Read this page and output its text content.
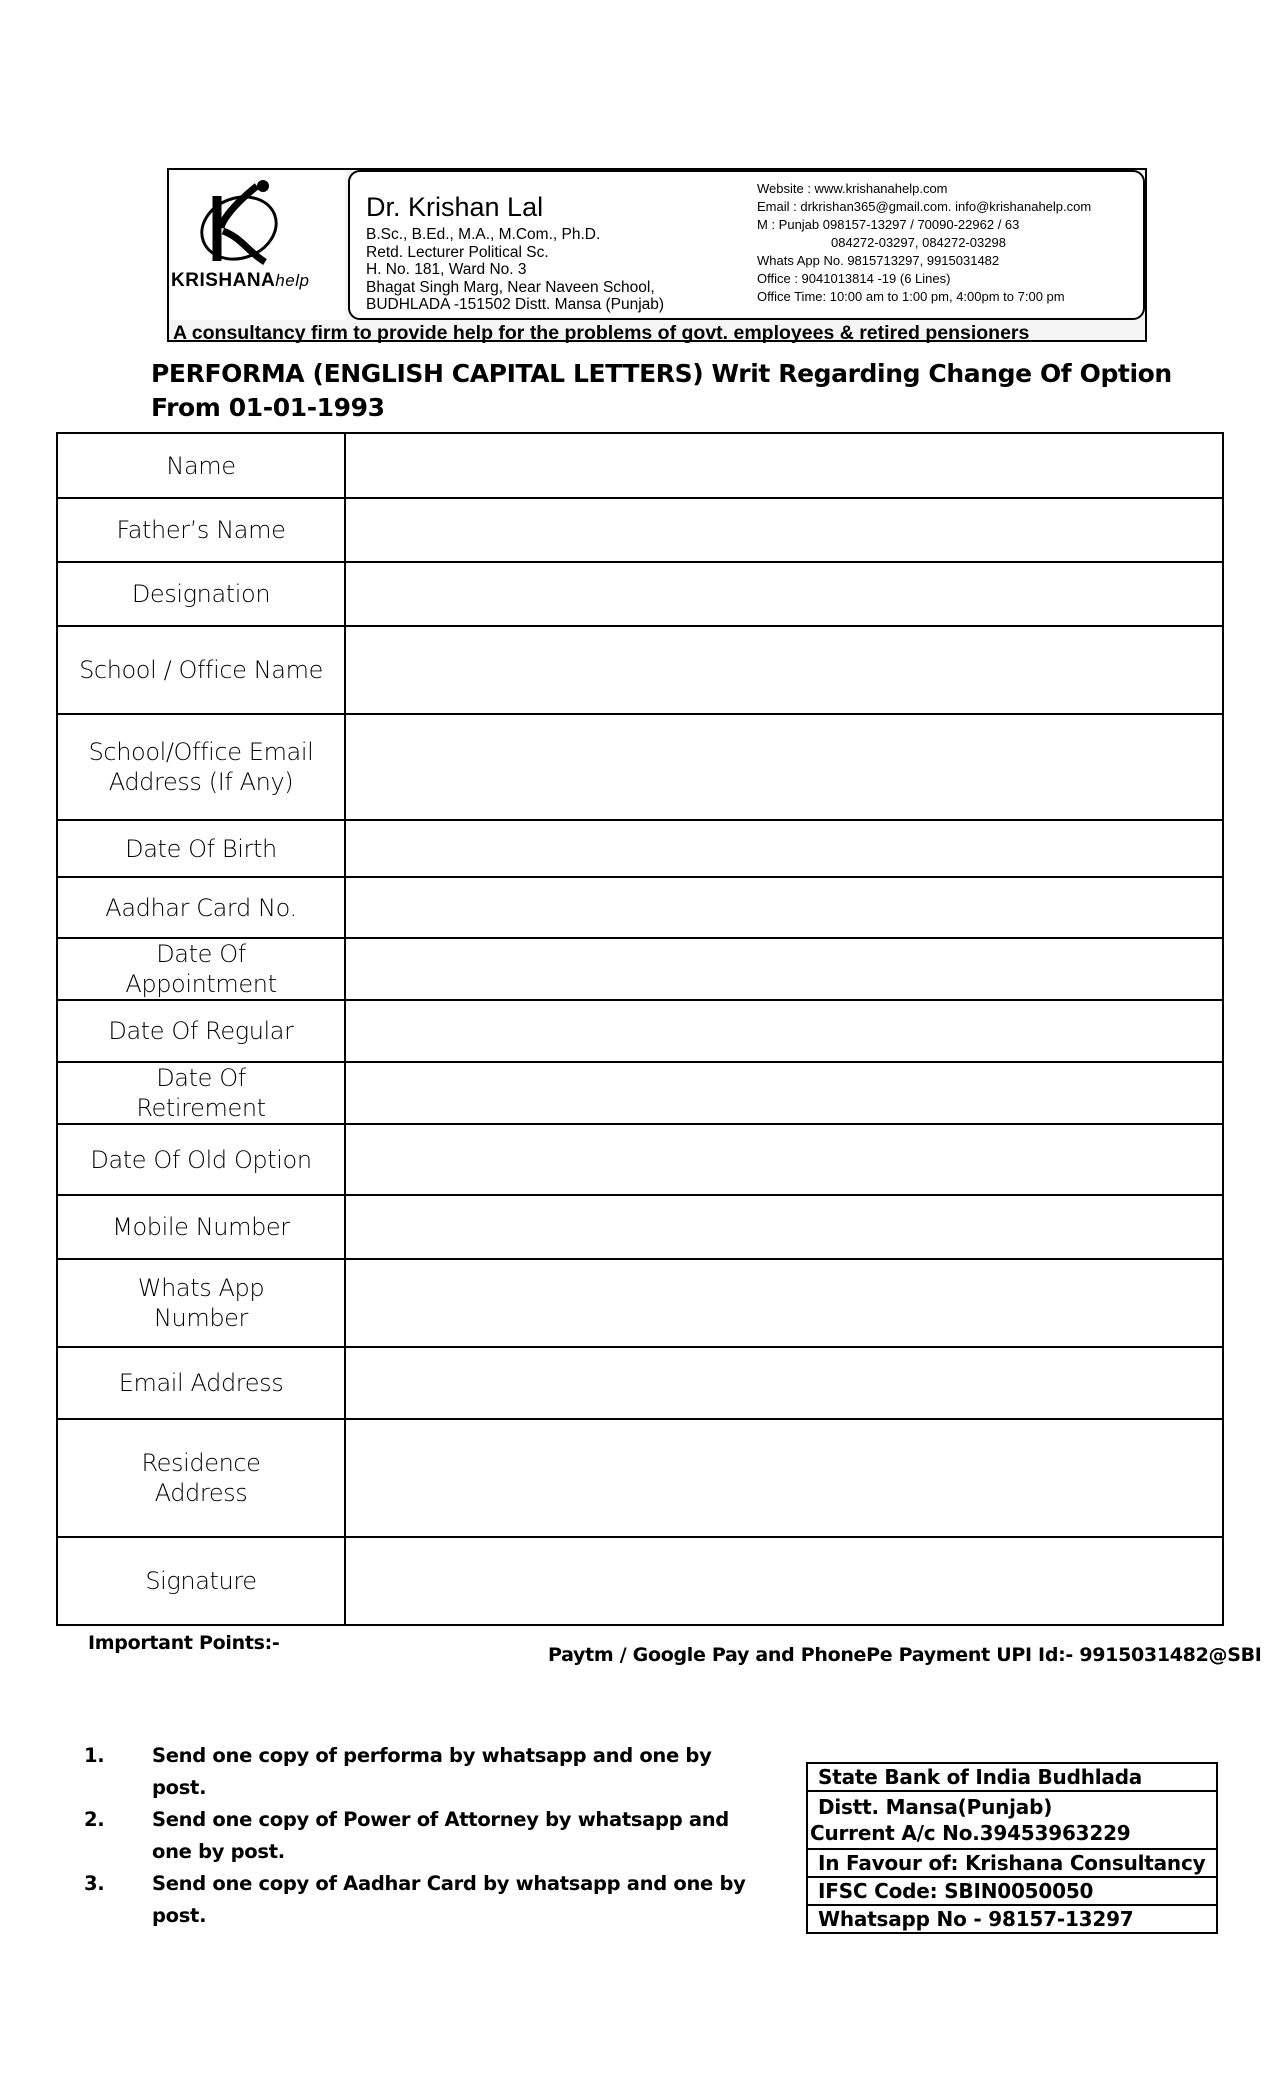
KRISHANAhelp
Dr. Krishan Lal
B.Sc., B.Ed., M.A., M.Com., Ph.D.
Retd. Lecturer Political Sc.
H. No. 181, Ward No. 3
Bhagat Singh Marg, Near Naveen School,
BUDHLADA -151502 Distt. Mansa (Punjab)
Website : www.krishanahelp.com
Email : drkrishan365@gmail.com. info@krishanahelp.com
M : Punjab 098157-13297 / 70090-22962 / 63
084272-03297, 084272-03298
Whats App No. 9815713297, 9915031482
Office : 9041013814 -19 (6 Lines)
Office Time: 10:00 am to 1:00 pm, 4:00pm to 7:00 pm
A consultancy firm to provide help for the problems of govt. employees & retired pensioners
PERFORMA (ENGLISH CAPITAL LETTERS) Writ Regarding Change Of Option
From 01-01-1993
Name	
Father’s Name	
Designation	
School / Office Name	
School/Office Email Address (If Any)	
Date Of Birth	
Aadhar Card No.	
Date Of Appointment	
Date Of Regular	
Date Of Retirement	
Date Of Old Option	
Mobile Number	
Whats App Number	
Email Address	
Residence Address	
Signature	
Important Points:-
Paytm / Google Pay and PhonePe Payment UPI Id:- 9915031482@SBI
1.	Send one copy of performa by whatsapp and one by post.
2.	Send one copy of Power of Attorney by whatsapp and one by post.
3.	Send one copy of Aadhar Card by whatsapp and one by post.
State Bank of India Budhlada

Distt. Mansa(Punjab)
Current A/c No.39453963229

In Favour of: Krishana Consultancy
IFSC Code: SBIN0050050
Whatsapp No - 98157-13297
